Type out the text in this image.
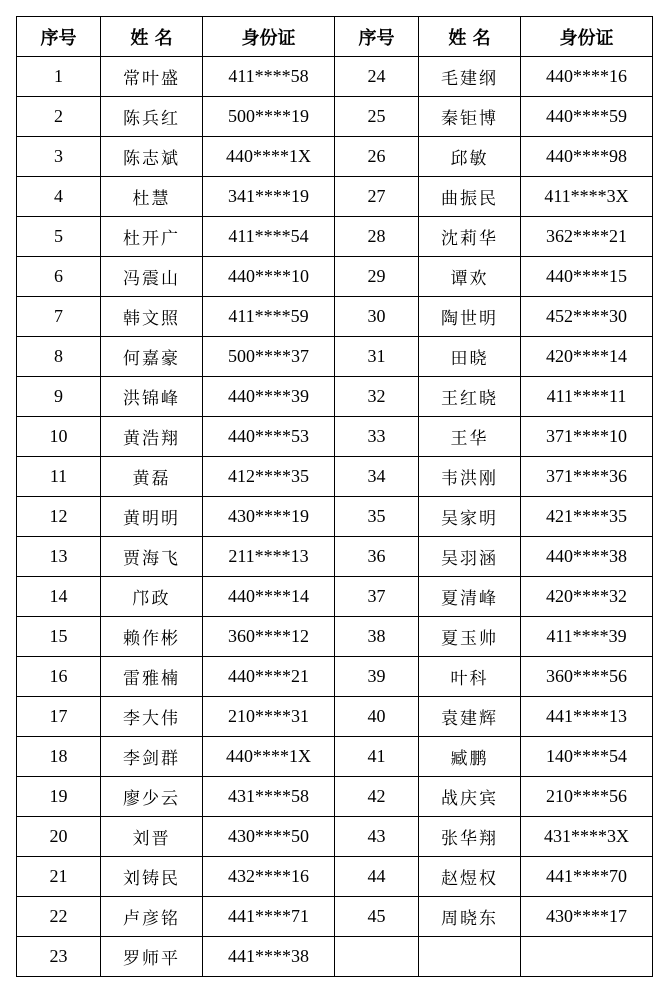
序号	姓 名	身份证	序号	姓 名	身份证
1	常叶盛	411****58	24	毛建纲	440****16
2	陈兵红	500****19	25	秦钜博	440****59
3	陈志斌	440****1X	26	邱敏	440****98
4	杜慧	341****19	27	曲振民	411****3X
5	杜开广	411****54	28	沈莉华	362****21
6	冯震山	440****10	29	谭欢	440****15
7	韩文照	411****59	30	陶世明	452****30
8	何嘉豪	500****37	31	田晓	420****14
9	洪锦峰	440****39	32	王红晓	411****11
10	黄浩翔	440****53	33	王华	371****10
11	黄磊	412****35	34	韦洪刚	371****36
12	黄明明	430****19	35	吴家明	421****35
13	贾海飞	211****13	36	吴羽涵	440****38
14	邝政	440****14	37	夏清峰	420****32
15	赖作彬	360****12	38	夏玉帅	411****39
16	雷雅楠	440****21	39	叶科	360****56
17	李大伟	210****31	40	袁建辉	441****13
18	李剑群	440****1X	41	臧鹏	140****54
19	廖少云	431****58	42	战庆宾	210****56
20	刘晋	430****50	43	张华翔	431****3X
21	刘铸民	432****16	44	赵煜权	441****70
22	卢彦铭	441****71	45	周晓东	430****17
23	罗师平	441****38			
